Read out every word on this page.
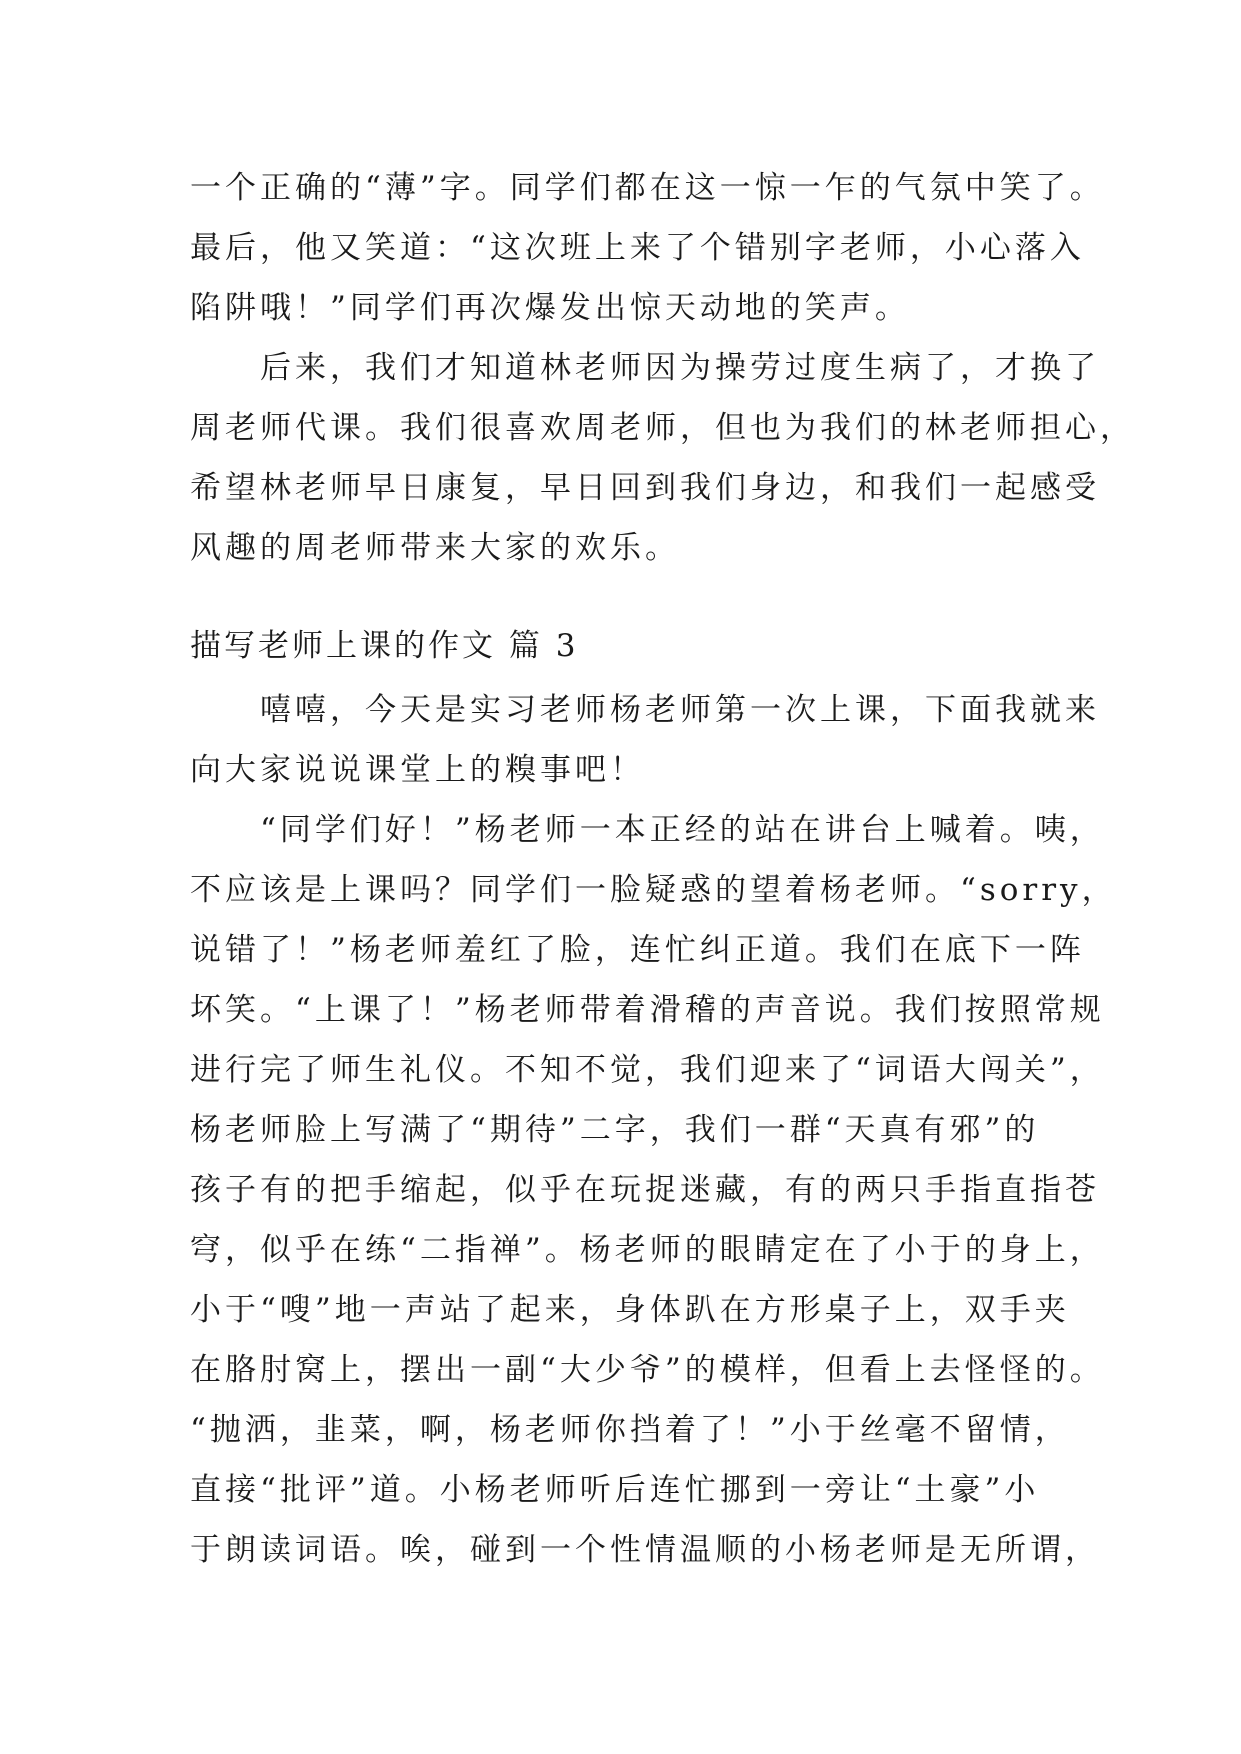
一个正确的“薄”字。同学们都在这一惊一乍的气氛中笑了。
最后，他又笑道：“这次班上来了个错别字老师，小心落入
陷阱哦！”同学们再次爆发出惊天动地的笑声。
　　后来，我们才知道林老师因为操劳过度生病了，才换了
周老师代课。我们很喜欢周老师，但也为我们的林老师担心，
希望林老师早日康复，早日回到我们身边，和我们一起感受
风趣的周老师带来大家的欢乐。
描写老师上课的作文 篇 3
　　嘻嘻，今天是实习老师杨老师第一次上课，下面我就来
向大家说说课堂上的糗事吧！
　　“同学们好！”杨老师一本正经的站在讲台上喊着。咦，
不应该是上课吗？同学们一脸疑惑的望着杨老师。“sorry，
说错了！”杨老师羞红了脸，连忙纠正道。我们在底下一阵
坏笑。“上课了！”杨老师带着滑稽的声音说。我们按照常规
进行完了师生礼仪。不知不觉，我们迎来了“词语大闯关”，
杨老师脸上写满了“期待”二字，我们一群“天真有邪”的
孩子有的把手缩起，似乎在玩捉迷藏，有的两只手指直指苍
穹，似乎在练“二指禅”。杨老师的眼睛定在了小于的身上，
小于“嗖”地一声站了起来，身体趴在方形桌子上，双手夹
在胳肘窝上，摆出一副“大少爷”的模样，但看上去怪怪的。
“抛洒，韭菜，啊，杨老师你挡着了！”小于丝毫不留情，
直接“批评”道。小杨老师听后连忙挪到一旁让“土豪”小
于朗读词语。唉，碰到一个性情温顺的小杨老师是无所谓，
